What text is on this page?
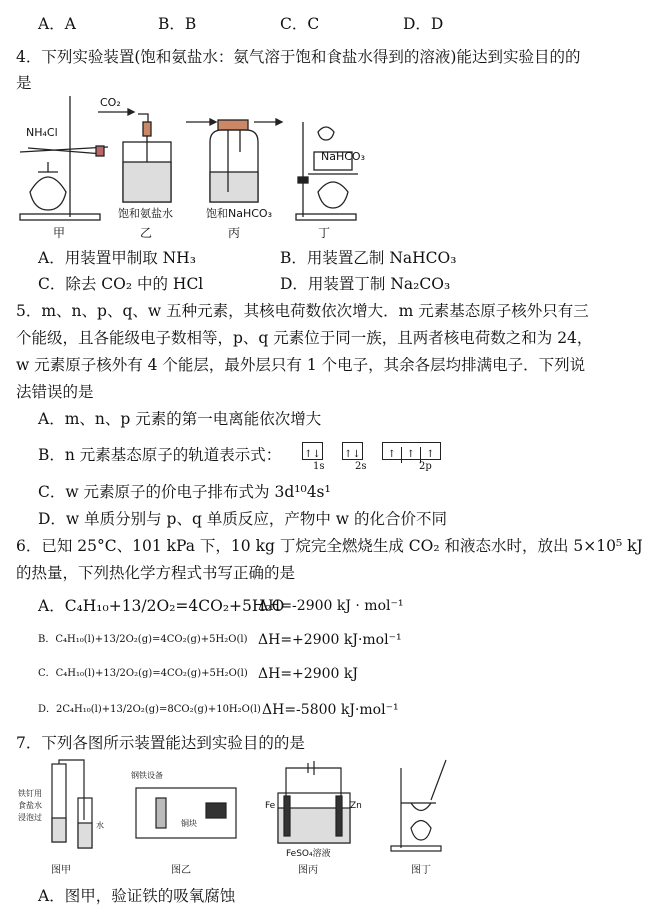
A．A	B．B	C．C	D．D
4．下列实验装置(饱和氨盐水：氨气溶于饱和食盐水得到的溶液)能达到实验目的的
是
NH₄Cl
甲
CO₂
饱和氨盐水
乙
饱和NaHCO₃
丙
NaHCO₃
丁
A．用装置甲制取 NH₃	B．用装置乙制 NaHCO₃
C．除去 CO₂ 中的 HCl	D．用装置丁制 Na₂CO₃
5．m、n、p、q、w 五种元素，其核电荷数依次增大．m 元素基态原子核外只有三
个能级，且各能级电子数相等，p、q 元素位于同一族，且两者核电荷数之和为 24，
w 元素原子核外有 4 个能层，最外层只有 1 个电子，其余各层均排满电子．下列说
法错误的是
A．m、n、p 元素的第一电离能依次增大
B．n 元素基态原子的轨道表示式： ↑↓ ↑↓	↑ ↑ ↑
1s	2s	2p
C．w 元素原子的价电子排布式为 3d¹⁰4s¹
D．w 单质分别与 p、q 单质反应，产物中 w 的化合价不同
6．已知 25°C、101 kPa 下，10 kg 丁烷完全燃烧生成 CO₂ 和液态水时，放出 5×10⁵ kJ
的热量，下列热化学方程式书写正确的是
A．C₄H₁₀+13/2O₂=4CO₂+5H₂O
ΔH=-2900 kJ · mol⁻¹
B．C₄H₁₀(l)+13/2O₂(g)=4CO₂(g)+5H₂O(l) ΔH=+2900 kJ·mol⁻¹
C．C₄H₁₀(l)+13/2O₂(g)=4CO₂(g)+5H₂O(l) ΔH=+2900 kJ
D．2C₄H₁₀(l)+13/2O₂(g)=8CO₂(g)+10H₂O(l) ΔH=-5800 kJ·mol⁻¹
7．下列各图所示装置能达到实验目的的是
铁钉用
食盐水
浸泡过
水
图甲
钢铁设备
铜块
图乙
Fe	Zn
FeSO₄溶液
图丙	图丁
A．图甲，验证铁的吸氧腐蚀
